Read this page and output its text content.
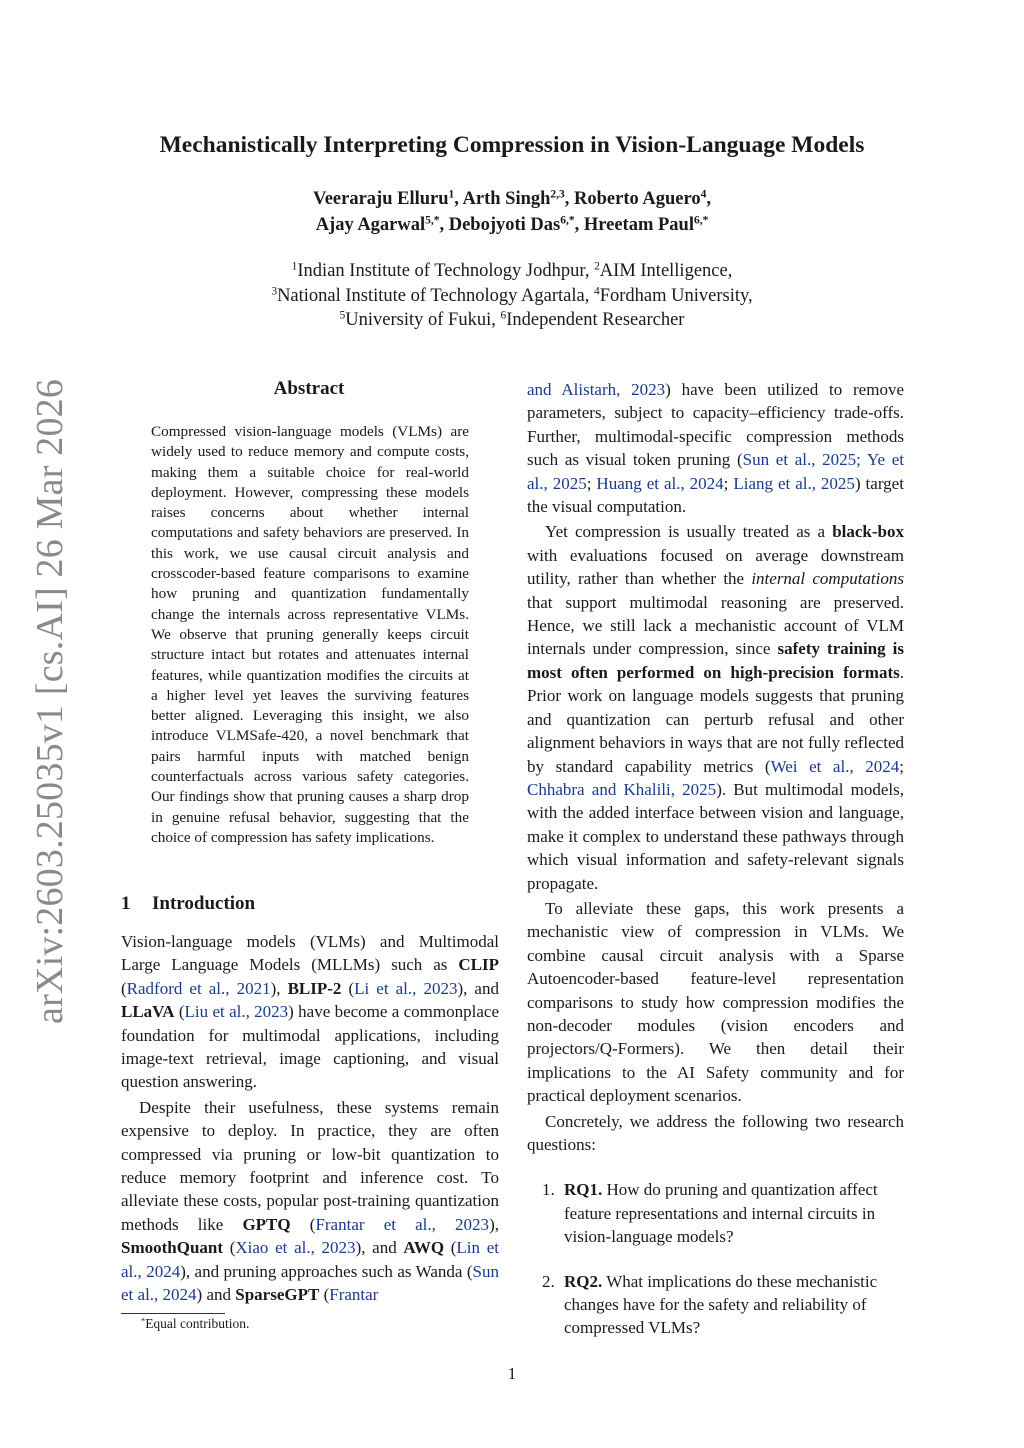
Mechanistically Interpreting Compression in Vision-Language Models
Veeraraju Elluru$^1$, Arth Singh$^{2,3}$, Roberto Aguero$^4$,
Ajay Agarwal$^{5,*}$, Debojyoti Das$^{6,*}$, Hreetam Paul$^{6,*}$
$^1$Indian Institute of Technology Jodhpur, $^2$AIM Intelligence,
$^3$National Institute of Technology Agartala, $^4$Fordham University,
$^5$University of Fukui, $^6$Independent Researcher
arXiv:2603.25035v1 [cs.AI] 26 Mar 2026	Abstract
Compressed vision-language models (VLMs) are widely used to reduce memory and compute costs, making them a suitable choice for real-world deployment. However, compressing these models raises concerns about whether internal computations and safety behaviors are preserved. In this work, we use causal circuit analysis and crosscoder-based feature comparisons to examine how pruning and quantization fundamentally change the internals across representative VLMs. We observe that pruning generally keeps circuit structure intact but rotates and attenuates internal features, while quantization modifies the circuits at a higher level yet leaves the surviving features better aligned. Leveraging this insight, we also introduce VLMSafe-420, a novel benchmark that pairs harmful inputs with matched benign counterfactuals across various safety categories. Our findings show that pruning causes a sharp drop in genuine refusal behavior, suggesting that the choice of compression has safety implications.
1 Introduction

Vision-language models (VLMs) and Multimodal Large Language Models (MLLMs) such as CLIP (Radford et al., 2021), BLIP-2 (Li et al., 2023), and LLaVA (Liu et al., 2023) have become a commonplace foundation for multimodal applications, including image-text retrieval, image captioning, and visual question answering.

Despite their usefulness, these systems remain expensive to deploy. In practice, they are often compressed via pruning or low-bit quantization to reduce memory footprint and inference cost. To alleviate these costs, popular post-training quantization methods like GPTQ (Frantar et al., 2023), SmoothQuant (Xiao et al., 2023), and AWQ (Lin et al., 2024), and pruning approaches such as Wanda (Sun et al., 2024) and SparseGPT (Frantar

and Alistarh, 2023) have been utilized to remove parameters, subject to capacity–efficiency trade-offs. Further, multimodal-specific compression methods such as visual token pruning (Sun et al., 2025; Ye et al., 2025; Huang et al., 2024; Liang et al., 2025) target the visual computation.

Yet compression is usually treated as a black-box with evaluations focused on average downstream utility, rather than whether the internal computations that support multimodal reasoning are preserved. Hence, we still lack a mechanistic account of VLM internals under compression, since safety training is most often performed on high-precision formats. Prior work on language models suggests that pruning and quantization can perturb refusal and other alignment behaviors in ways that are not fully reflected by standard capability metrics (Wei et al., 2024; Chhabra and Khalili, 2025). But multimodal models, with the added interface between vision and language, make it complex to understand these pathways through which visual information and safety-relevant signals propagate.

To alleviate these gaps, this work presents a mechanistic view of compression in VLMs. We combine causal circuit analysis with a Sparse Autoencoder-based feature-level representation comparisons to study how compression modifies the non-decoder modules (vision encoders and projectors/Q-Formers). We then detail their implications to the AI Safety community and for practical deployment scenarios.

Concretely, we address the following two research questions:

1. RQ1. How do pruning and quantization affect feature representations and internal circuits in vision-language models?

2. RQ2. What implications do these mechanistic changes have for the safety and reliability of compressed VLMs?

*Equal contribution.
1
